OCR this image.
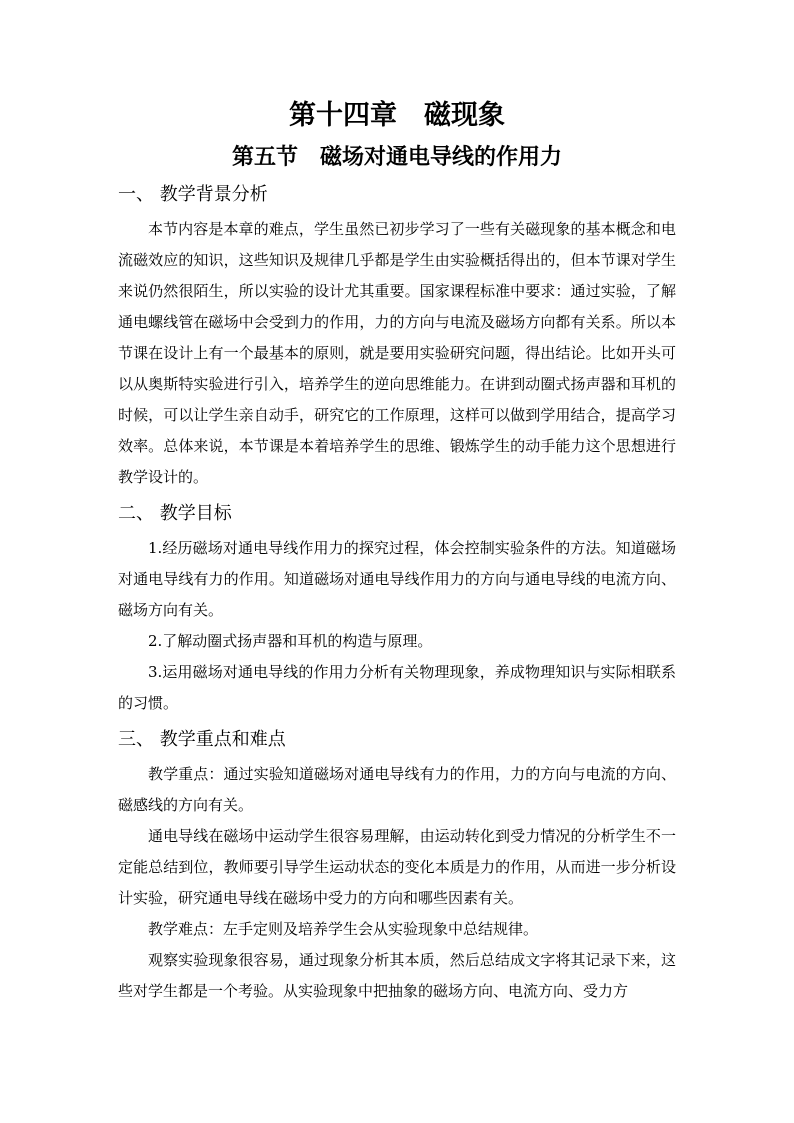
第十四章　磁现象
第五节　磁场对通电导线的作用力
一、 教学背景分析

本节内容是本章的难点，学生虽然已初步学习了一些有关磁现象的基本概念和电流磁效应的知识，这些知识及规律几乎都是学生由实验概括得出的，但本节课对学生来说仍然很陌生，所以实验的设计尤其重要。国家课程标准中要求：通过实验，了解通电螺线管在磁场中会受到力的作用，力的方向与电流及磁场方向都有关系。所以本节课在设计上有一个最基本的原则，就是要用实验研究问题，得出结论。比如开头可以从奥斯特实验进行引入，培养学生的逆向思维能力。在讲到动圈式扬声器和耳机的时候，可以让学生亲自动手，研究它的工作原理，这样可以做到学用结合，提高学习效率。总体来说，本节课是本着培养学生的思维、锻炼学生的动手能力这个思想进行教学设计的。

二、 教学目标

1.经历磁场对通电导线作用力的探究过程，体会控制实验条件的方法。知道磁场对通电导线有力的作用。知道磁场对通电导线作用力的方向与通电导线的电流方向、磁场方向有关。

2.了解动圈式扬声器和耳机的构造与原理。

3.运用磁场对通电导线的作用力分析有关物理现象，养成物理知识与实际相联系的习惯。

三、 教学重点和难点

教学重点：通过实验知道磁场对通电导线有力的作用，力的方向与电流的方向、磁感线的方向有关。

通电导线在磁场中运动学生很容易理解，由运动转化到受力情况的分析学生不一定能总结到位，教师要引导学生运动状态的变化本质是力的作用，从而进一步分析设计实验，研究通电导线在磁场中受力的方向和哪些因素有关。

教学难点：左手定则及培养学生会从实验现象中总结规律。

观察实验现象很容易，通过现象分析其本质，然后总结成文字将其记录下来，这些对学生都是一个考验。从实验现象中把抽象的磁场方向、电流方向、受力方
